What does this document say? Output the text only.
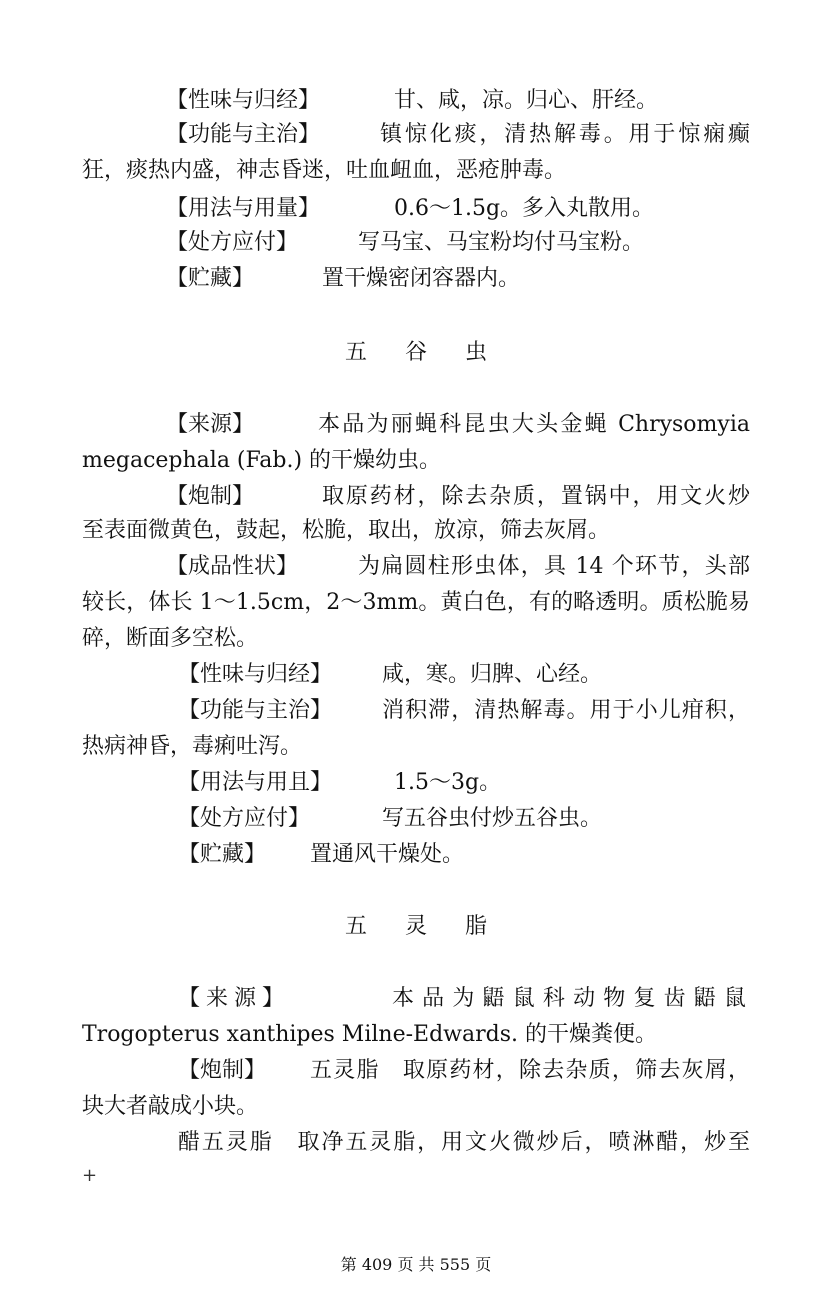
【性味与归经】	甘、咸，凉。归心、肝经。
【功能与主治】	镇惊化痰，清热解毒。用于惊痫癫
狂，痰热内盛，神志昏迷，吐血衄血，恶疮肿毒。
【用法与用量】	0.6～1.5g。多入丸散用。
【处方应付】	写马宝、马宝粉均付马宝粉。
【贮藏】	置干燥密闭容器内。
五谷虫
【来源】	本品为丽蝇科昆虫大头金蝇 Chrysomyia
megacephala (Fab.) 的干燥幼虫。
【炮制】	取原药材，除去杂质，置锅中，用文火炒
至表面微黄色，鼓起，松脆，取出，放凉，筛去灰屑。
【成品性状】	为扁圆柱形虫体，具 14 个环节，头部
较长，体长 1～1.5cm，2～3mm。黄白色，有的略透明。质松脆易
碎，断面多空松。
【性味与归经】 咸，寒。归脾、心经。
【功能与主治】 消积滞，清热解毒。用于小儿疳积，
热病神昏，毒痢吐泻。
【用法与用且】	1.5～3g。
【处方应付】	写五谷虫付炒五谷虫。
【贮藏】 置通风干燥处。
五灵脂
【来源】	本品为鼯鼠科动物复齿鼯鼠
Trogopterus xanthipes Milne-Edwards. 的干燥粪便。
【炮制】 五灵脂　取原药材，除去杂质，筛去灰屑，
块大者敲成小块。
醋五灵脂　取净五灵脂，用文火微炒后，喷淋醋，炒至
+
第 409 页 共 555 页
